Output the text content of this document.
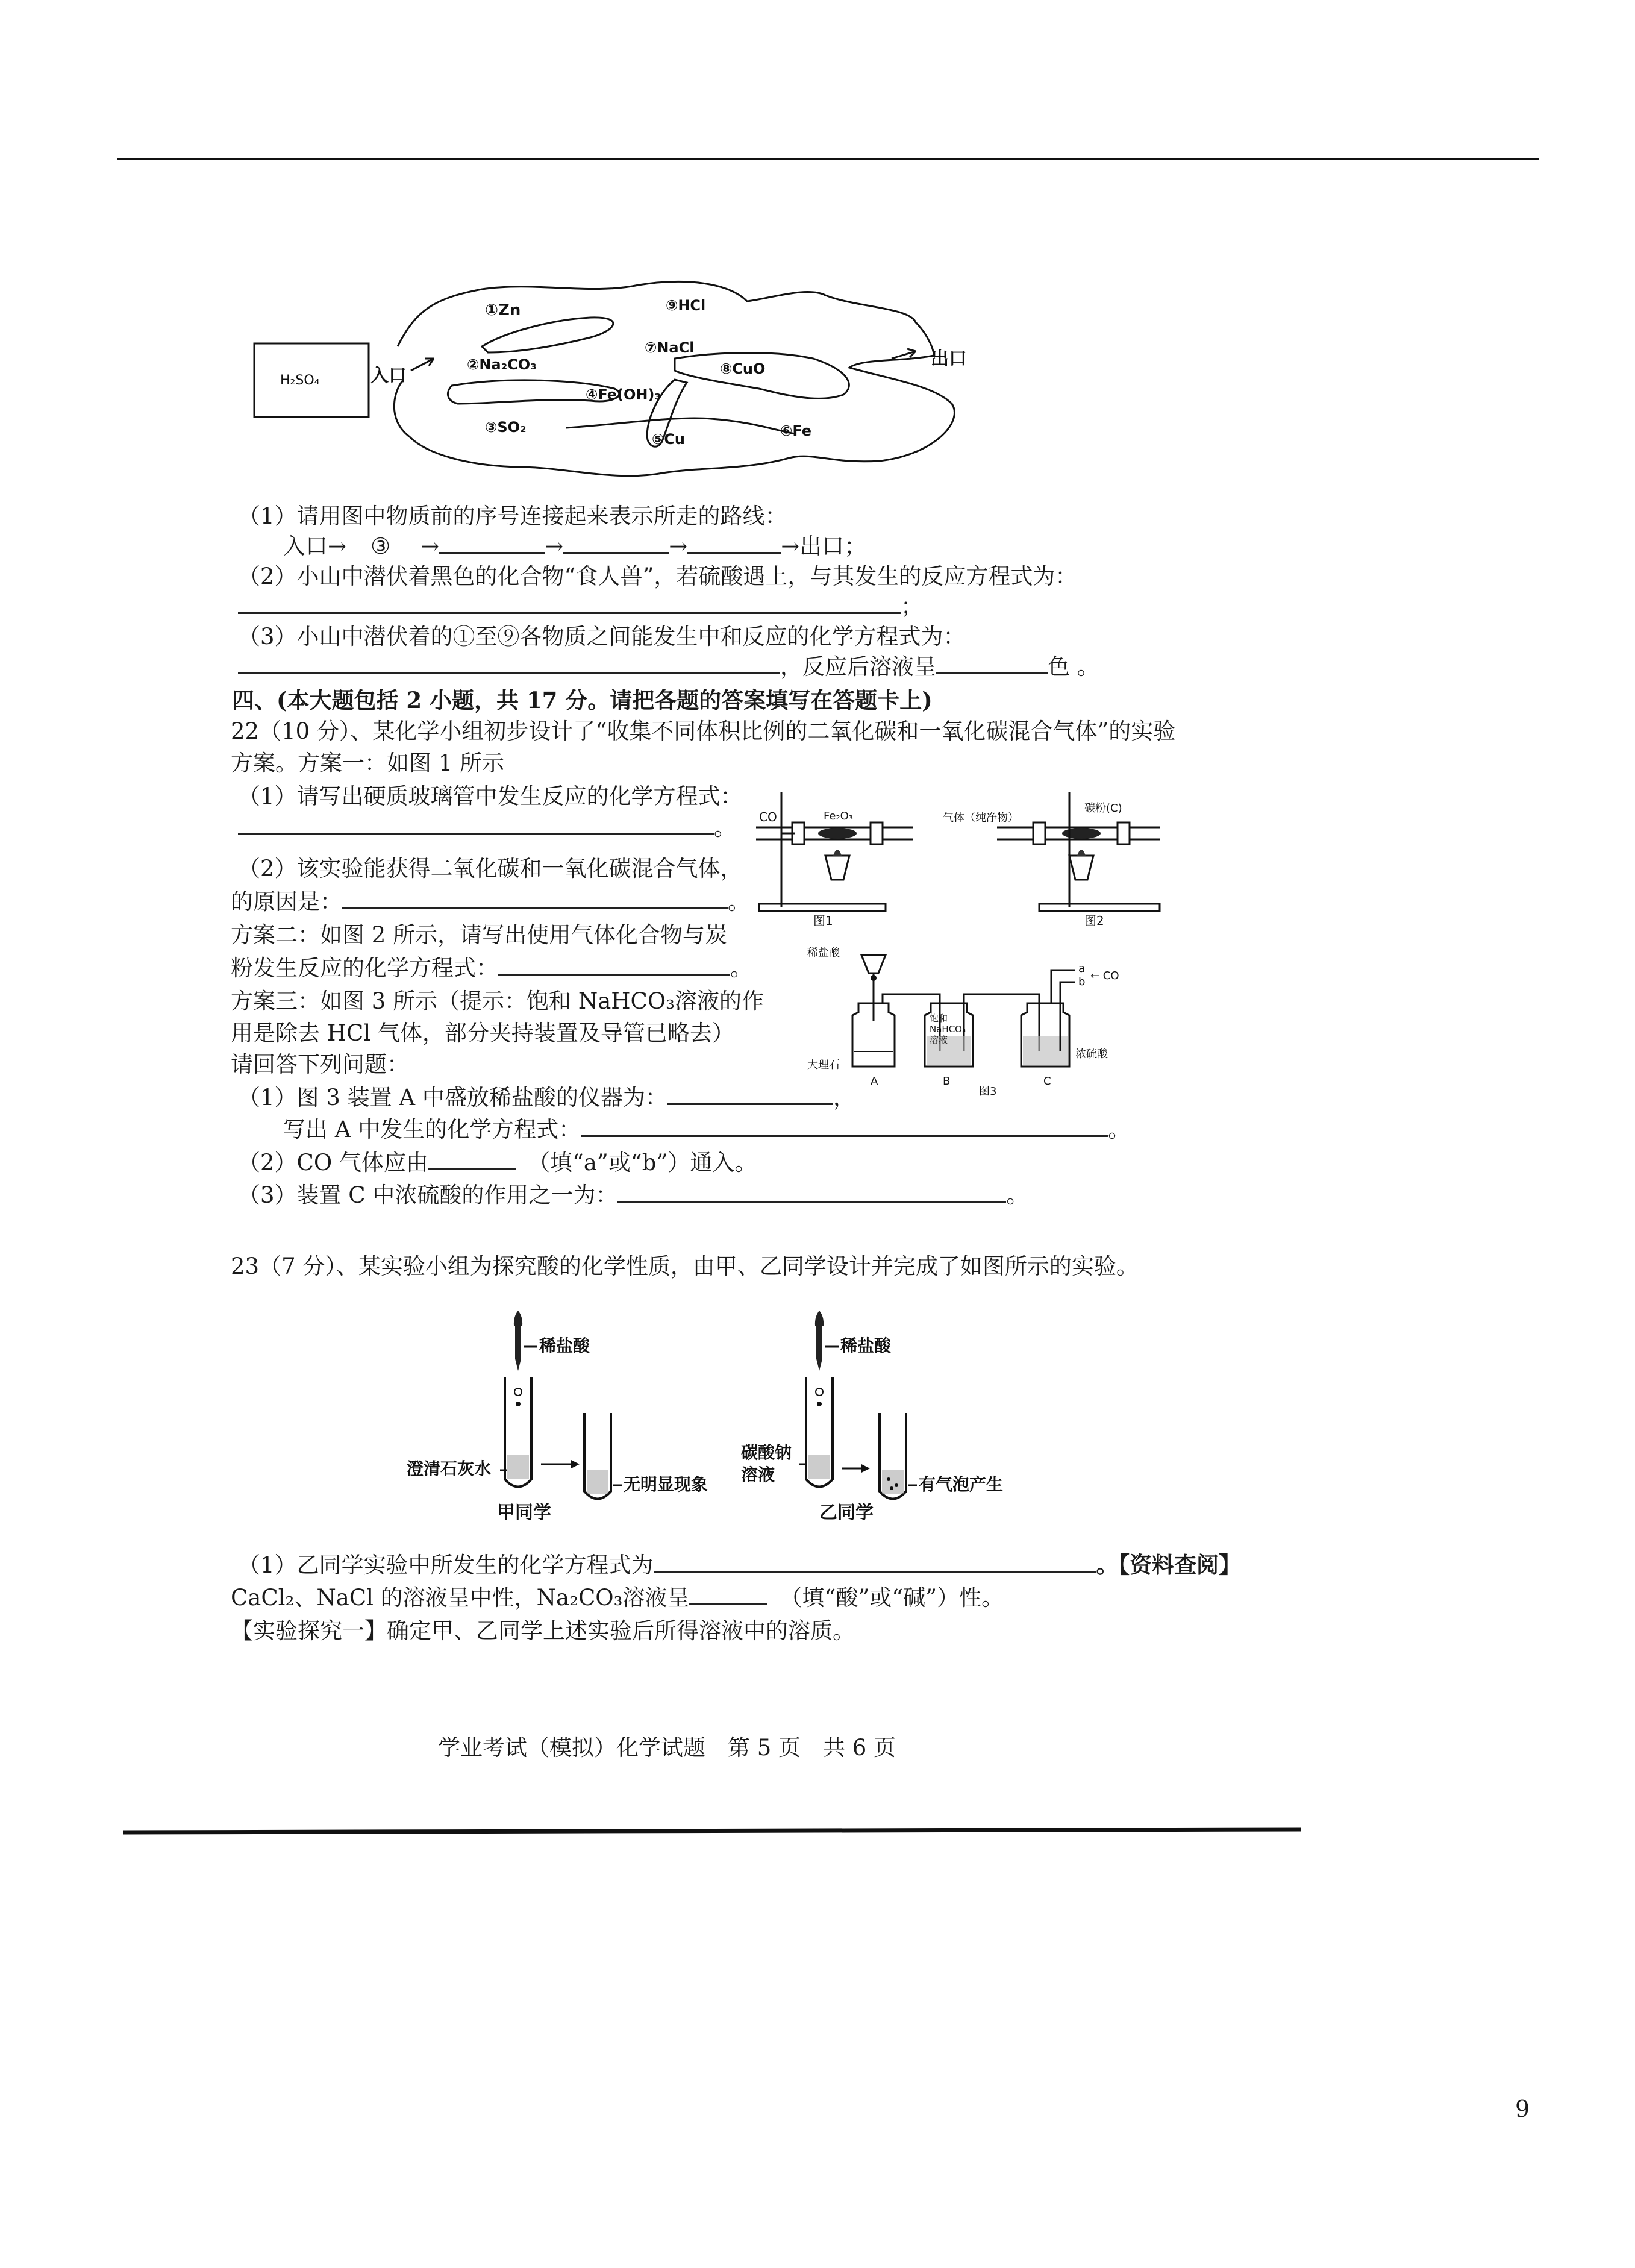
H₂SO₄	入口
出口
①Zn
②Na₂CO₃
③SO₂
④Fe(OH)₃
⑤Cu	⑥Fe
⑦NaCl
⑧CuO
⑨HCl
（1）请用图中物质前的序号连接起来表示所走的路线：
入口→ ③ →	→	→	→出口；
（2）小山中潜伏着黑色的化合物“食人兽”，若硫酸遇上，与其发生的反应方程式为：
；
（3）小山中潜伏着的①至⑨各物质之间能发生中和反应的化学方程式为：
，反应后溶液呈	色 。
四、(本大题包括 2 小题，共 17 分。请把各题的答案填写在答题卡上)
22（10 分）、某化学小组初步设计了“收集不同体积比例的二氧化碳和一氧化碳混合气体”的实验
方案。方案一：如图 1 所示
（1）请写出硬质玻璃管中发生反应的化学方程式：
。
（2）该实验能获得二氧化碳和一氧化碳混合气体，
的原因是：	。
方案二：如图 2 所示，请写出使用气体化合物与炭
粉发生反应的化学方程式：	。
方案三：如图 3 所示（提示：饱和 NaHCO₃溶液的作
用是除去 HCl 气体，部分夹持装置及导管已略去）
请回答下列问题：
（1）图 3 装置 A 中盛放稀盐酸的仪器为：	，
写出 A 中发生的化学方程式：	。
（2）CO 气体应由	（填“a”或“b”）通入。
（3）装置 C 中浓硫酸的作用之一为：	。
CO	Fe₂O₃
图1
气体（纯净物）
碳粉(C)
图2
稀盐酸
大理石
饱和 NaHCO₃ 溶液
浓硫酸
a
b ← CO
A	B	C
图3
23（7 分）、某实验小组为探究酸的化学性质，由甲、乙同学设计并完成了如图所示的实验。
稀盐酸
澄清石灰水
无明显现象
甲同学
稀盐酸
碳酸钠
溶液	有气泡产生
乙同学
（1）乙同学实验中所发生的化学方程式为	。【资料查阅】
CaCl₂、NaCl 的溶液呈中性，Na₂CO₃溶液呈	（填“酸”或“碱”）性。
【实验探究一】确定甲、乙同学上述实验后所得溶液中的溶质。
学业考试（模拟）化学试题　第 5 页　共 6 页
9
